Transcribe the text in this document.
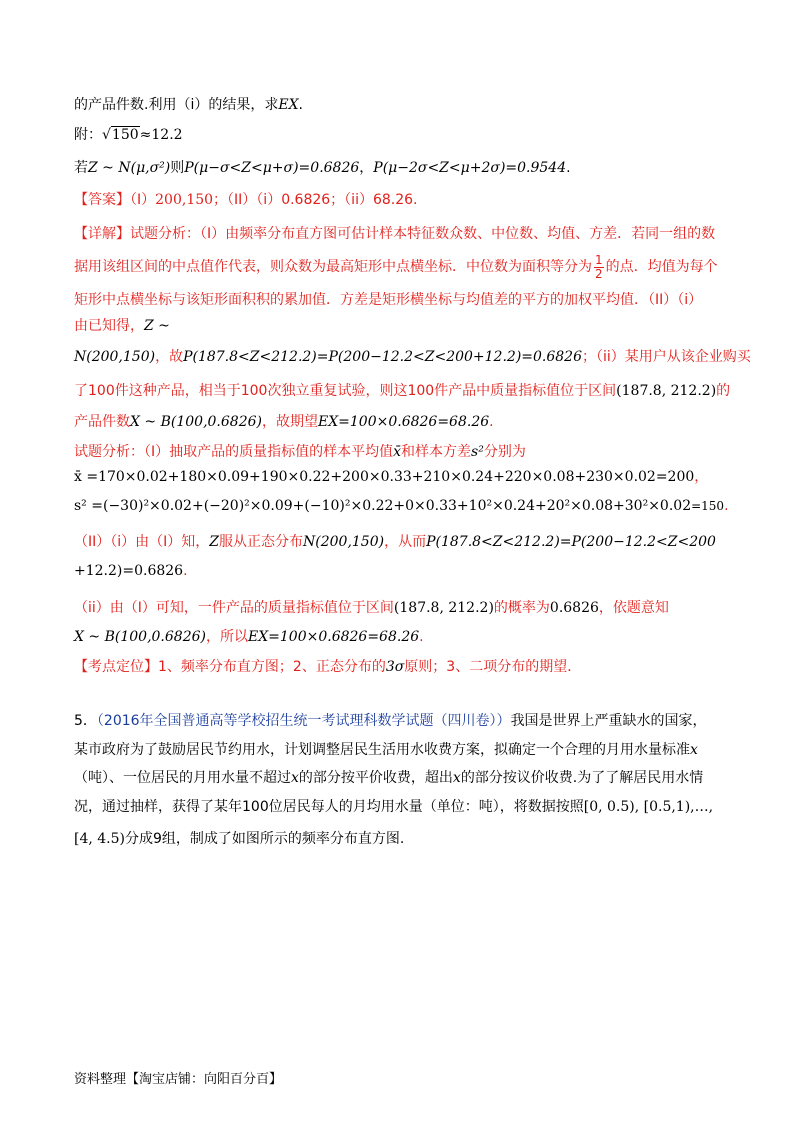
的产品件数.利用（i）的结果，求EX.
附：√150≈12.2
若Z ~ N(μ,σ²)则P(μ−σ<Z<μ+σ)=0.6826，P(μ−2σ<Z<μ+2σ)=0.9544.
【答案】（I）200,150；（II）（i）0.6826；（ii）68.26.
【详解】试题分析：（I）由频率分布直方图可估计样本特征数众数、中位数、均值、方差．若同一组的数
据用该组区间的中点值作代表，则众数为最高矩形中点横坐标．中位数为面积等分为 $\frac{1}{2}$ 的点．均值为每个
矩形中点横坐标与该矩形面积积的累加值．方差是矩形横坐标与均值差的平方的加权平均值．（II）（i）
由已知得，Z ~
N(200,150)，故P(187.8<Z<212.2)=P(200−12.2<Z<200+12.2)=0.6826；（ii）某用户从该企业购买
了100件这种产品，相当于100次独立重复试验，则这100件产品中质量指标值位于区间(187.8, 212.2)的
产品件数X ~ B(100,0.6826)，故期望EX=100×0.6826=68.26.
试题分析：（I）抽取产品的质量指标值的样本平均值x̄和样本方差s²分别为
x̄ =170×0.02+180×0.09+190×0.22+200×0.33+210×0.24+220×0.08+230×0.02=200，
s² =(−30)²×0.02+(−20)²×0.09+(−10)²×0.22+0×0.33+10²×0.24+20²×0.08+30²×0.02=150.
（II）（i）由（I）知，Z服从正态分布N(200,150)，从而P(187.8<Z<212.2)=P(200−12.2<Z<200
+12.2)=0.6826.
（ii）由（I）可知，一件产品的质量指标值位于区间(187.8, 212.2)的概率为0.6826，依题意知
X ~ B(100,0.6826)，所以EX=100×0.6826=68.26.
【考点定位】1、频率分布直方图；2、正态分布的3σ原则；3、二项分布的期望．
5．（2016年全国普通高等学校招生统一考试理科数学试题（四川卷））我国是世界上严重缺水的国家，
某市政府为了鼓励居民节约用水，计划调整居民生活用水收费方案，拟确定一个合理的月用水量标准x
（吨）、一位居民的月用水量不超过x的部分按平价收费，超出x的部分按议价收费.为了了解居民用水情
况，通过抽样，获得了某年100位居民每人的月均用水量（单位：吨），将数据按照[0, 0.5), [0.5,1),…,
[4, 4.5)分成9组，制成了如图所示的频率分布直方图.
资料整理【淘宝店铺：向阳百分百】
